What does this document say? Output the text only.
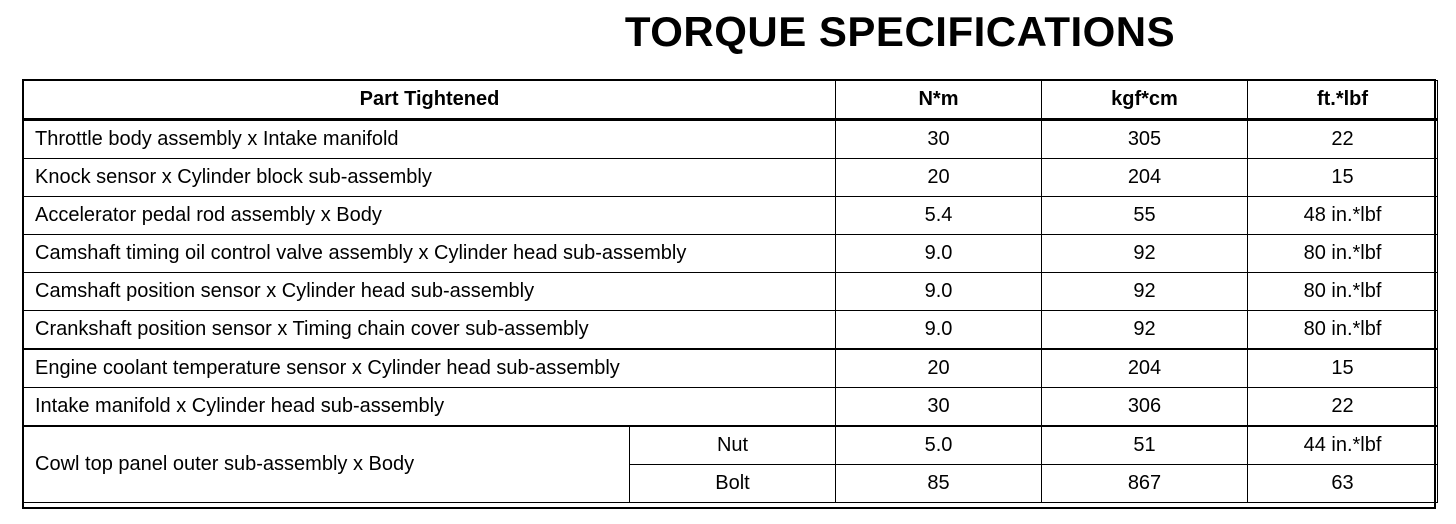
TORQUE SPECIFICATIONS
Part Tightened		N*m	kgf*cm	ft.*lbf
Throttle body assembly x Intake manifold		30	305	22
Knock sensor x Cylinder block sub-assembly		20	204	15
Accelerator pedal rod assembly x Body		5.4	55	48 in.*lbf
Camshaft timing oil control valve assembly x Cylinder head sub-assembly		9.0	92	80 in.*lbf
Camshaft position sensor x Cylinder head sub-assembly		9.0	92	80 in.*lbf
Crankshaft position sensor x Timing chain cover sub-assembly		9.0	92	80 in.*lbf
Engine coolant temperature sensor x Cylinder head sub-assembly		20	204	15
Intake manifold x Cylinder head sub-assembly		30	306	22
Cowl top panel outer sub-assembly x Body	Nut	5.0	51	44 in.*lbf
	Bolt	85	867	63
